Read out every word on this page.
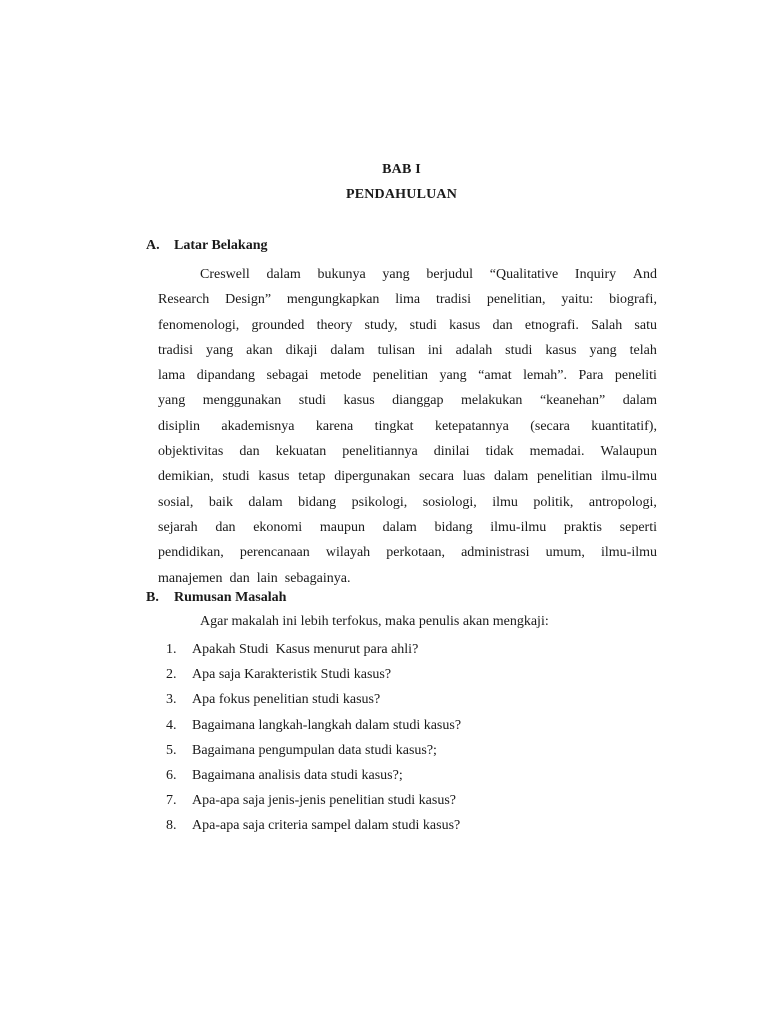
BAB I
PENDAHULUAN
A. Latar Belakang
Creswell dalam bukunya yang berjudul “Qualitative Inquiry And
Research Design” mengungkapkan lima tradisi penelitian, yaitu: biografi,
fenomenologi, grounded theory study, studi kasus dan etnografi. Salah satu
tradisi yang akan dikaji dalam tulisan ini adalah studi kasus yang telah
lama dipandang sebagai metode penelitian yang “amat lemah”. Para peneliti
yang menggunakan studi kasus dianggap melakukan “keanehan” dalam
disiplin akademisnya karena tingkat ketepatannya (secara kuantitatif),
objektivitas dan kekuatan penelitiannya dinilai tidak memadai. Walaupun
demikian, studi kasus tetap dipergunakan secara luas dalam penelitian ilmu-ilmu
sosial, baik dalam bidang psikologi, sosiologi, ilmu politik, antropologi,
sejarah dan ekonomi maupun dalam bidang ilmu-ilmu praktis seperti
pendidikan, perencanaan wilayah perkotaan, administrasi umum, ilmu-ilmu
manajemen dan lain sebagainya.
B. Rumusan Masalah
Agar makalah ini lebih terfokus, maka penulis akan mengkaji:
1. Apakah Studi  Kasus menurut para ahli?
2. Apa saja Karakteristik Studi kasus?
3. Apa fokus penelitian studi kasus?
4. Bagaimana langkah-langkah dalam studi kasus?
5. Bagaimana pengumpulan data studi kasus?;
6. Bagaimana analisis data studi kasus?;
7. Apa-apa saja jenis-jenis penelitian studi kasus?
8. Apa-apa saja criteria sampel dalam studi kasus?
